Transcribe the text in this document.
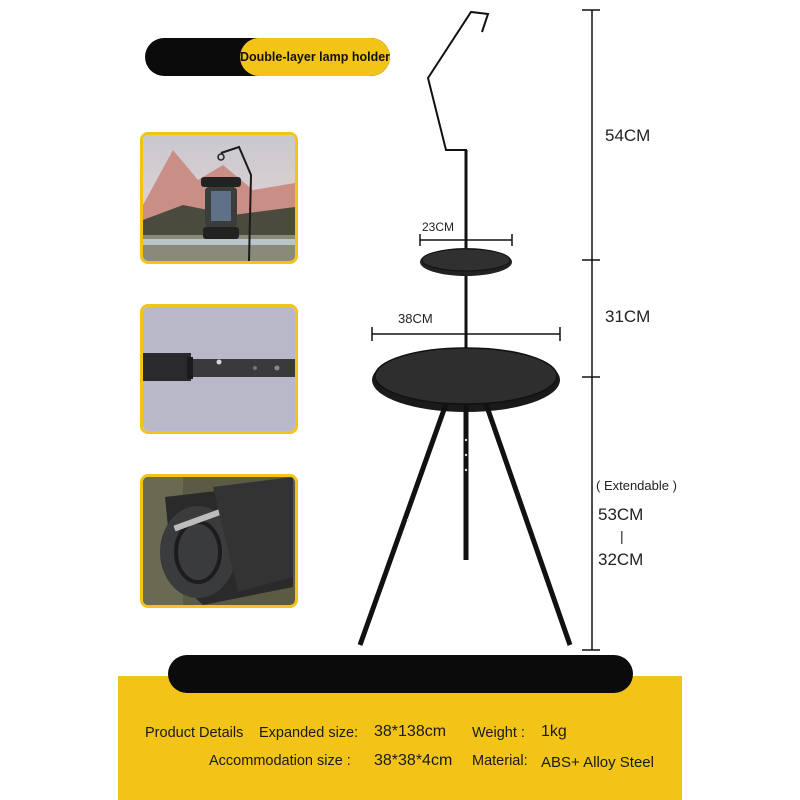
Double-layer lamp holder
23CM
38CM
54CM
31CM
( Extendable )
53CM
|
32CM
Product Details Expanded size: 38*138cm Weight : 1kg
Accommodation size : 38*38*4cm Material: ABS+ Alloy Steel
